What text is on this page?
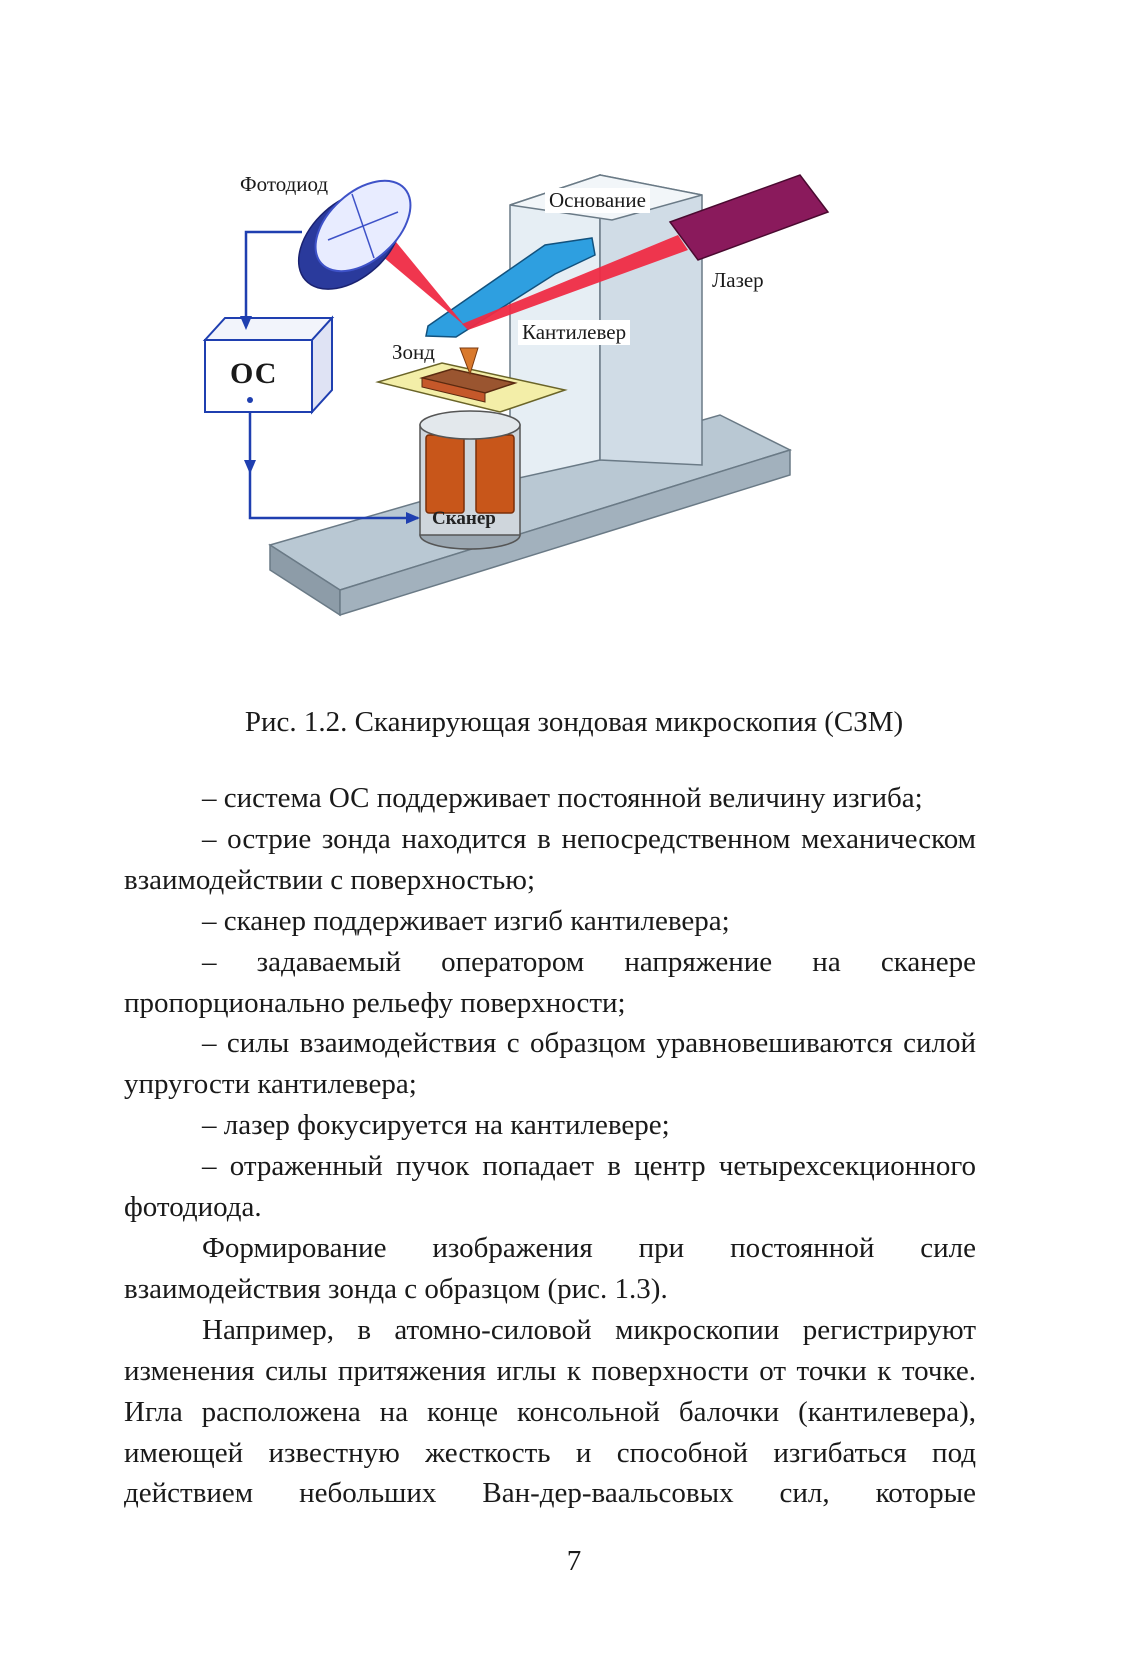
Фотодиод
Основание
Лазер
Кантилевер
Зонд
ОС
Сканер
Рис. 1.2. Сканирующая зондовая микроскопия (СЗМ)

– система ОС поддерживает постоянной величину изгиба;

– острие зонда находится в непосредственном механическом взаимодействии с поверхностью;

– сканер поддерживает изгиб кантилевера;

– задаваемый оператором напряжение на сканере пропорционально рельефу поверхности;

– силы взаимодействия с образцом уравновешиваются силой упругости кантилевера;

– лазер фокусируется на кантилевере;

– отраженный пучок попадает в центр четырехсекционного фотодиода.

Формирование изображения при постоянной силе взаимодействия зонда с образцом (рис. 1.3).

Например, в атомно-силовой микроскопии регистрируют изменения силы притяжения иглы к поверхности от точки к точке. Игла расположена на конце консольной балочки (кантилевера), имеющей известную жесткость и способной изгибаться под действием небольших Ван-дер-ваальсовых сил, которые

7
